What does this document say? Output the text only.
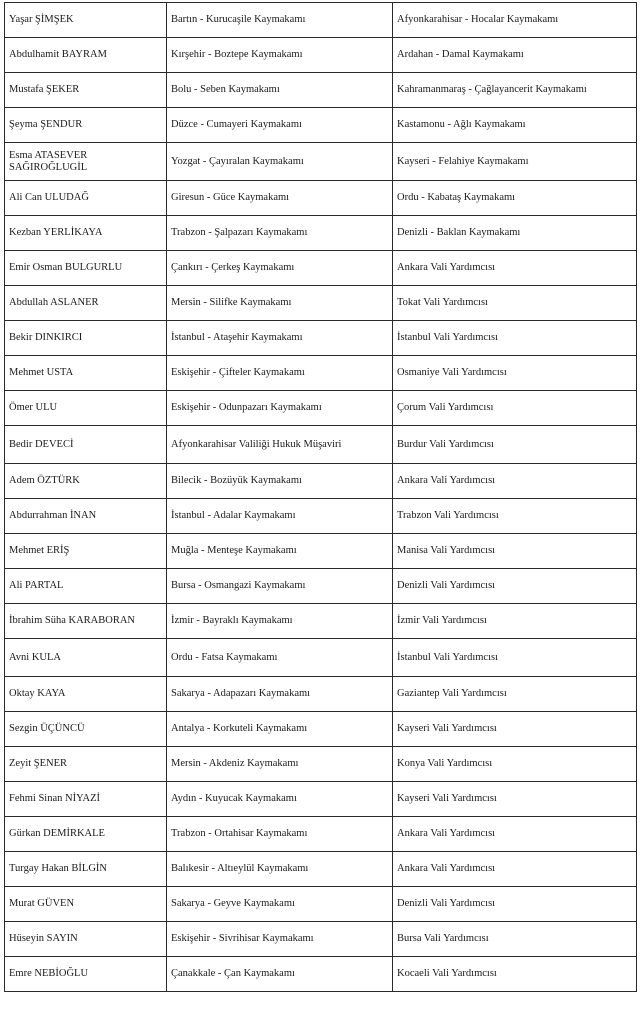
Yaşar ŞİMŞEK	Bartın - Kurucaşile Kaymakamı	Afyonkarahisar - Hocalar Kaymakamı
Abdulhamit BAYRAM	Kırşehir - Boztepe Kaymakamı	Ardahan - Damal Kaymakamı
Mustafa ŞEKER	Bolu - Seben Kaymakamı	Kahramanmaraş - Çağlayancerit Kaymakamı
Şeyma ŞENDUR	Düzce - Cumayeri Kaymakamı	Kastamonu - Ağlı Kaymakamı
Esma ATASEVER SAĞIROĞLUGİL	Yozgat - Çayıralan Kaymakamı	Kayseri - Felahiye Kaymakamı
Ali Can ULUDAĞ	Giresun - Güce Kaymakamı	Ordu - Kabataş Kaymakamı
Kezban YERLİKAYA	Trabzon - Şalpazarı Kaymakamı	Denizli - Baklan Kaymakamı
Emir Osman BULGURLU	Çankırı - Çerkeş Kaymakamı	Ankara Vali Yardımcısı
Abdullah ASLANER	Mersin - Silifke Kaymakamı	Tokat Vali Yardımcısı
Bekir DINKIRCI	İstanbul - Ataşehir Kaymakamı	İstanbul Vali Yardımcısı
Mehmet USTA	Eskişehir - Çifteler Kaymakamı	Osmaniye Vali Yardımcısı
Ömer ULU	Eskişehir - Odunpazarı Kaymakamı	Çorum Vali Yardımcısı
Bedir DEVECİ	Afyonkarahisar Valiliği Hukuk Müşaviri	Burdur Vali Yardımcısı
Adem ÖZTÜRK	Bilecik - Bozüyük Kaymakamı	Ankara Vali Yardımcısı
Abdurrahman İNAN	İstanbul - Adalar Kaymakamı	Trabzon Vali Yardımcısı
Mehmet ERİŞ	Muğla - Menteşe Kaymakamı	Manisa Vali Yardımcısı
Ali PARTAL	Bursa - Osmangazi Kaymakamı	Denizli Vali Yardımcısı
İbrahim Süha KARABORAN	İzmir - Bayraklı Kaymakamı	İzmir Vali Yardımcısı
Avni KULA	Ordu - Fatsa Kaymakamı	İstanbul Vali Yardımcısı
Oktay KAYA	Sakarya - Adapazarı Kaymakamı	Gaziantep Vali Yardımcısı
Sezgin ÜÇÜNCÜ	Antalya - Korkuteli Kaymakamı	Kayseri Vali Yardımcısı
Zeyit ŞENER	Mersin - Akdeniz Kaymakamı	Konya Vali Yardımcısı
Fehmi Sinan NİYAZİ	Aydın - Kuyucak Kaymakamı	Kayseri Vali Yardımcısı
Gürkan DEMİRKALE	Trabzon - Ortahisar Kaymakamı	Ankara Vali Yardımcısı
Turgay Hakan BİLGİN	Balıkesir - Altıeylül Kaymakamı	Ankara Vali Yardımcısı
Murat GÜVEN	Sakarya - Geyve Kaymakamı	Denizli Vali Yardımcısı
Hüseyin SAYIN	Eskişehir - Sivrihisar Kaymakamı	Bursa Vali Yardımcısı
Emre NEBİOĞLU	Çanakkale - Çan Kaymakamı	Kocaeli Vali Yardımcısı
